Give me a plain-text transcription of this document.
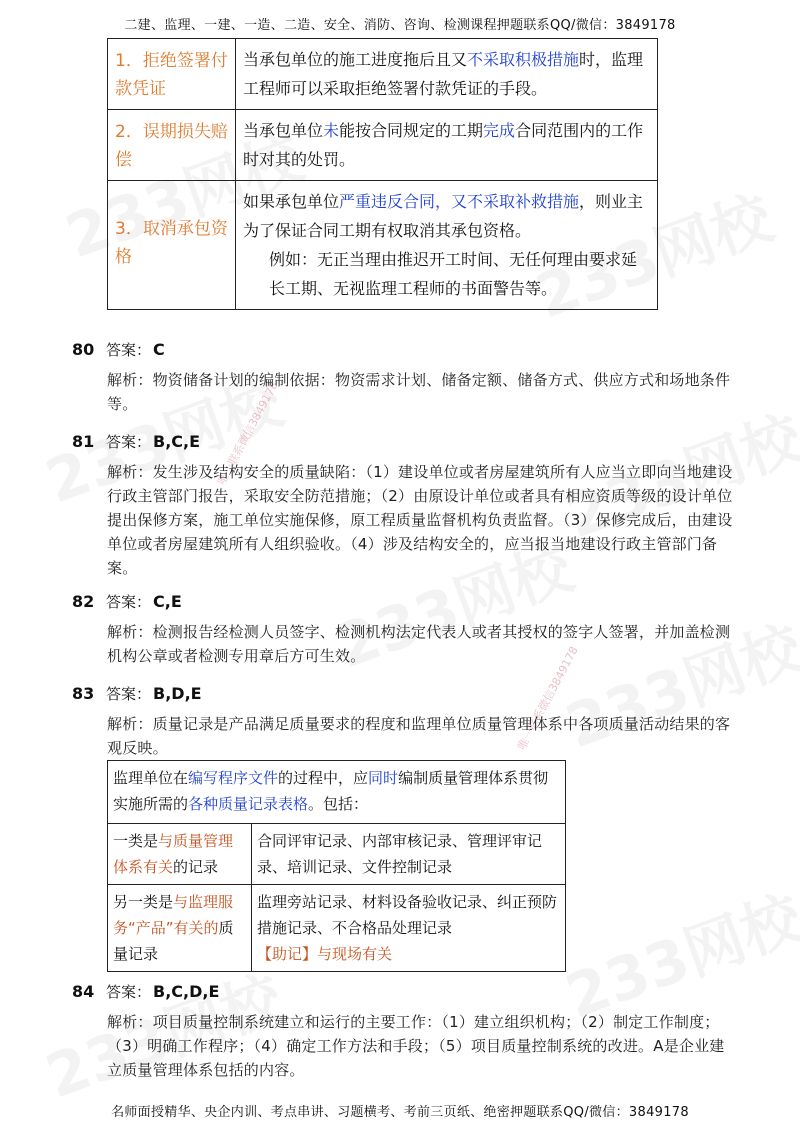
二建、监理、一建、一造、二造、安全、消防、咨询、检测课程押题联系QQ/微信：3849178
唯一联系微信3849178
唯一联系微信3849178
1．拒绝签署付款凭证	当承包单位的施工进度拖后且又不采取积极措施时，监理工程师可以采取拒绝签署付款凭证的手段。
2．误期损失赔偿	当承包单位未能按合同规定的工期完成合同范围内的工作时对其的处罚。
3．取消承包资格	如果承包单位严重违反合同，又不采取补救措施，则业主为了保证合同工期有权取消其承包资格。
例如：无正当理由推迟开工时间、无任何理由要求延长工期、无视监理工程师的书面警告等。
80 答案： C
解析：物资储备计划的编制依据：物资需求计划、储备定额、储备方式、供应方式和场地条件等。
81 答案： B,C,E
解析：发生涉及结构安全的质量缺陷：（1）建设单位或者房屋建筑所有人应当立即向当地建设行政主管部门报告，采取安全防范措施；（2）由原设计单位或者具有相应资质等级的设计单位提出保修方案，施工单位实施保修，原工程质量监督机构负责监督。（3）保修完成后，由建设单位或者房屋建筑所有人组织验收。（4）涉及结构安全的，应当报当地建设行政主管部门备案。
82 答案： C,E
解析：检测报告经检测人员签字、检测机构法定代表人或者其授权的签字人签署，并加盖检测机构公章或者检测专用章后方可生效。
83 答案： B,D,E
解析：质量记录是产品满足质量要求的程度和监理单位质量管理体系中各项质量活动结果的客观反映。
监理单位在编写程序文件的过程中，应同时编制质量管理体系贯彻实施所需的各种质量记录表格。包括：	
一类是与质量管理体系有关的记录	合同评审记录、内部审核记录、管理评审记录、培训记录、文件控制记录
另一类是与监理服务“产品”有关的质量记录	监理旁站记录、材料设备验收记录、纠正预防措施记录、不合格品处理记录
【助记】与现场有关
84 答案： B,C,D,E
解析：项目质量控制系统建立和运行的主要工作：（1）建立组织机构；（2）制定工作制度；（3）明确工作程序；（4）确定工作方法和手段；（5）项目质量控制系统的改进。A是企业建立质量管理体系包括的内容。
名师面授精华、央企内训、考点串讲、习题横考、考前三页纸、绝密押题联系QQ/微信：3849178
